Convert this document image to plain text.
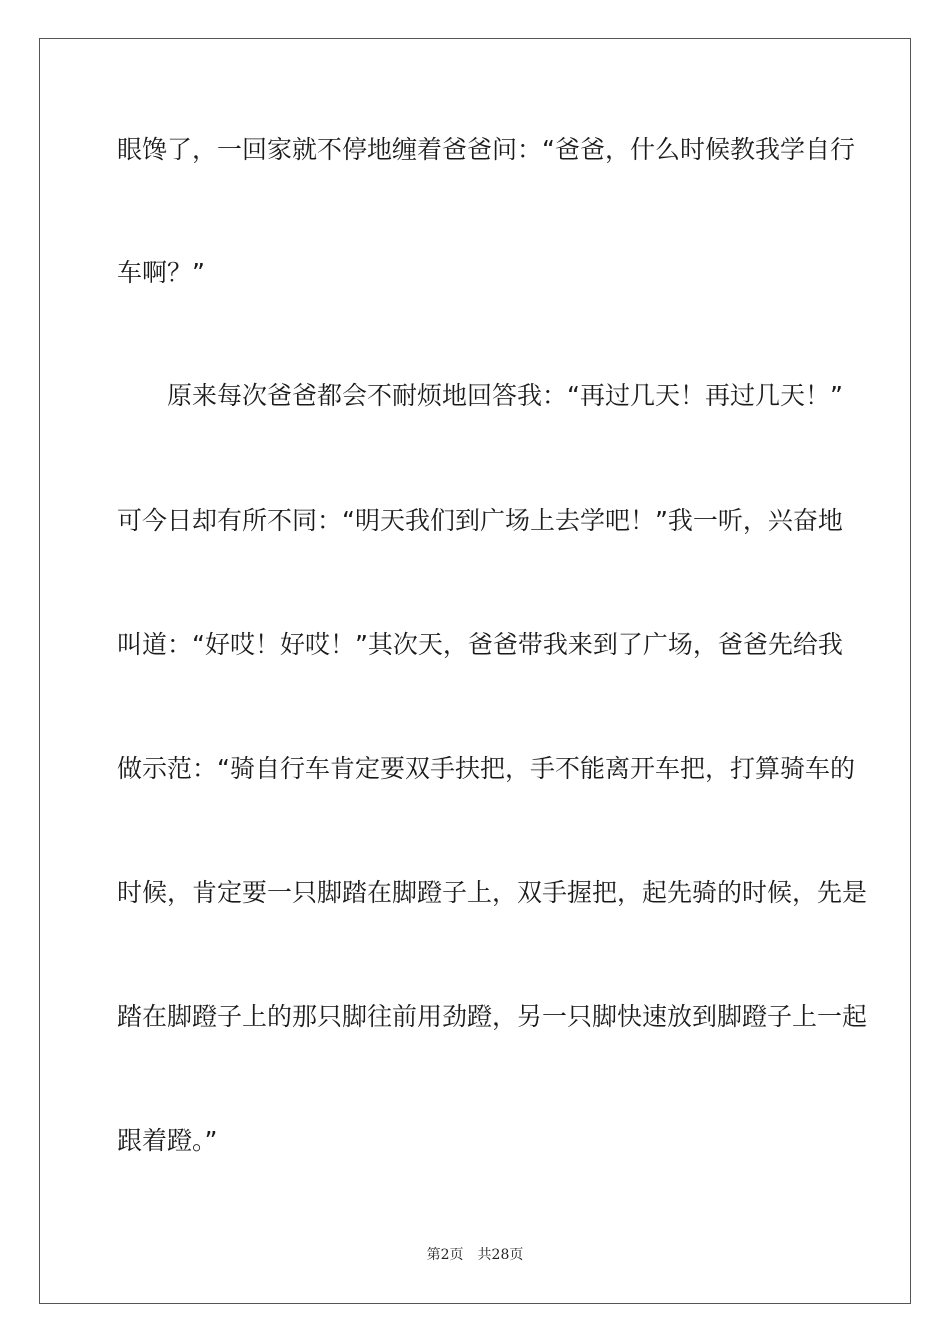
眼馋了，一回家就不停地缠着爸爸问：“爸爸，什么时候教我学自行

车啊？”

原来每次爸爸都会不耐烦地回答我：“再过几天！再过几天！”

可今日却有所不同：“明天我们到广场上去学吧！”我一听，兴奋地

叫道：“好哎！好哎！”其次天，爸爸带我来到了广场，爸爸先给我

做示范：“骑自行车肯定要双手扶把，手不能离开车把，打算骑车的

时候，肯定要一只脚踏在脚蹬子上，双手握把，起先骑的时候，先是

踏在脚蹬子上的那只脚往前用劲蹬，另一只脚快速放到脚蹬子上一起

跟着蹬。”

第2页 共28页
